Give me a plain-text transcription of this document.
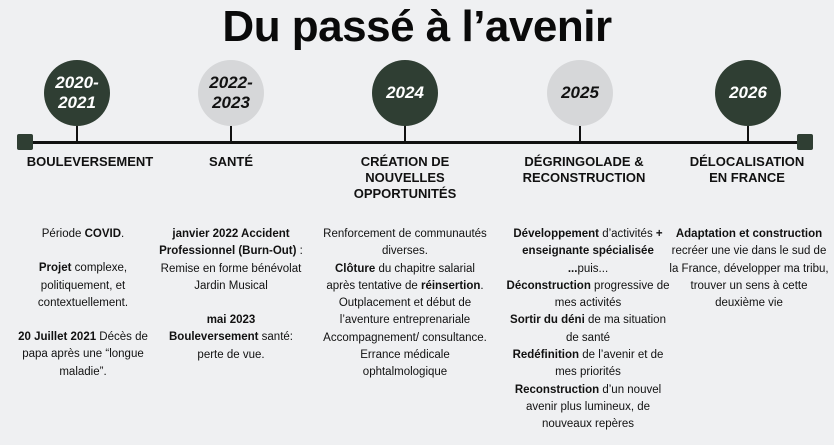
Du passé à l’avenir
2020-
2021
BOULEVERSEMENT

Période COVID.

Projet complexe, politiquement, et contextuellement.

20 Juillet 2021 Décès de papa après une “longue maladie”.

2022-
2023
SANTÉ

janvier 2022 Accident Professionnel (Burn-Out) :

Remise en forme bénévolat Jardin Musical

mai 2023

Bouleversement santé: perte de vue.

2024
CRÉATION DE
NOUVELLES
OPPORTUNITÉS

Renforcement de communautés diverses.

Clôture du chapitre salarial après tentative de réinsertion. Outplacement et début de l’aventure entreprenariale Accompagnement/ consultance.

Errance médicale ophtalmologique

2025
DÉGRINGOLADE &
RECONSTRUCTION

Développement d’activités + enseignante spécialisée

...puis...

Déconstruction progressive de mes activités

Sortir du déni de ma situation de santé

Redéfinition de l’avenir et de mes priorités

Reconstruction d’un nouvel avenir plus lumineux, de nouveaux repères

2026
DÉLOCALISATION
EN FRANCE

Adaptation et construction

recréer une vie dans le sud de la France, développer ma tribu, trouver un sens à cette deuxième vie
